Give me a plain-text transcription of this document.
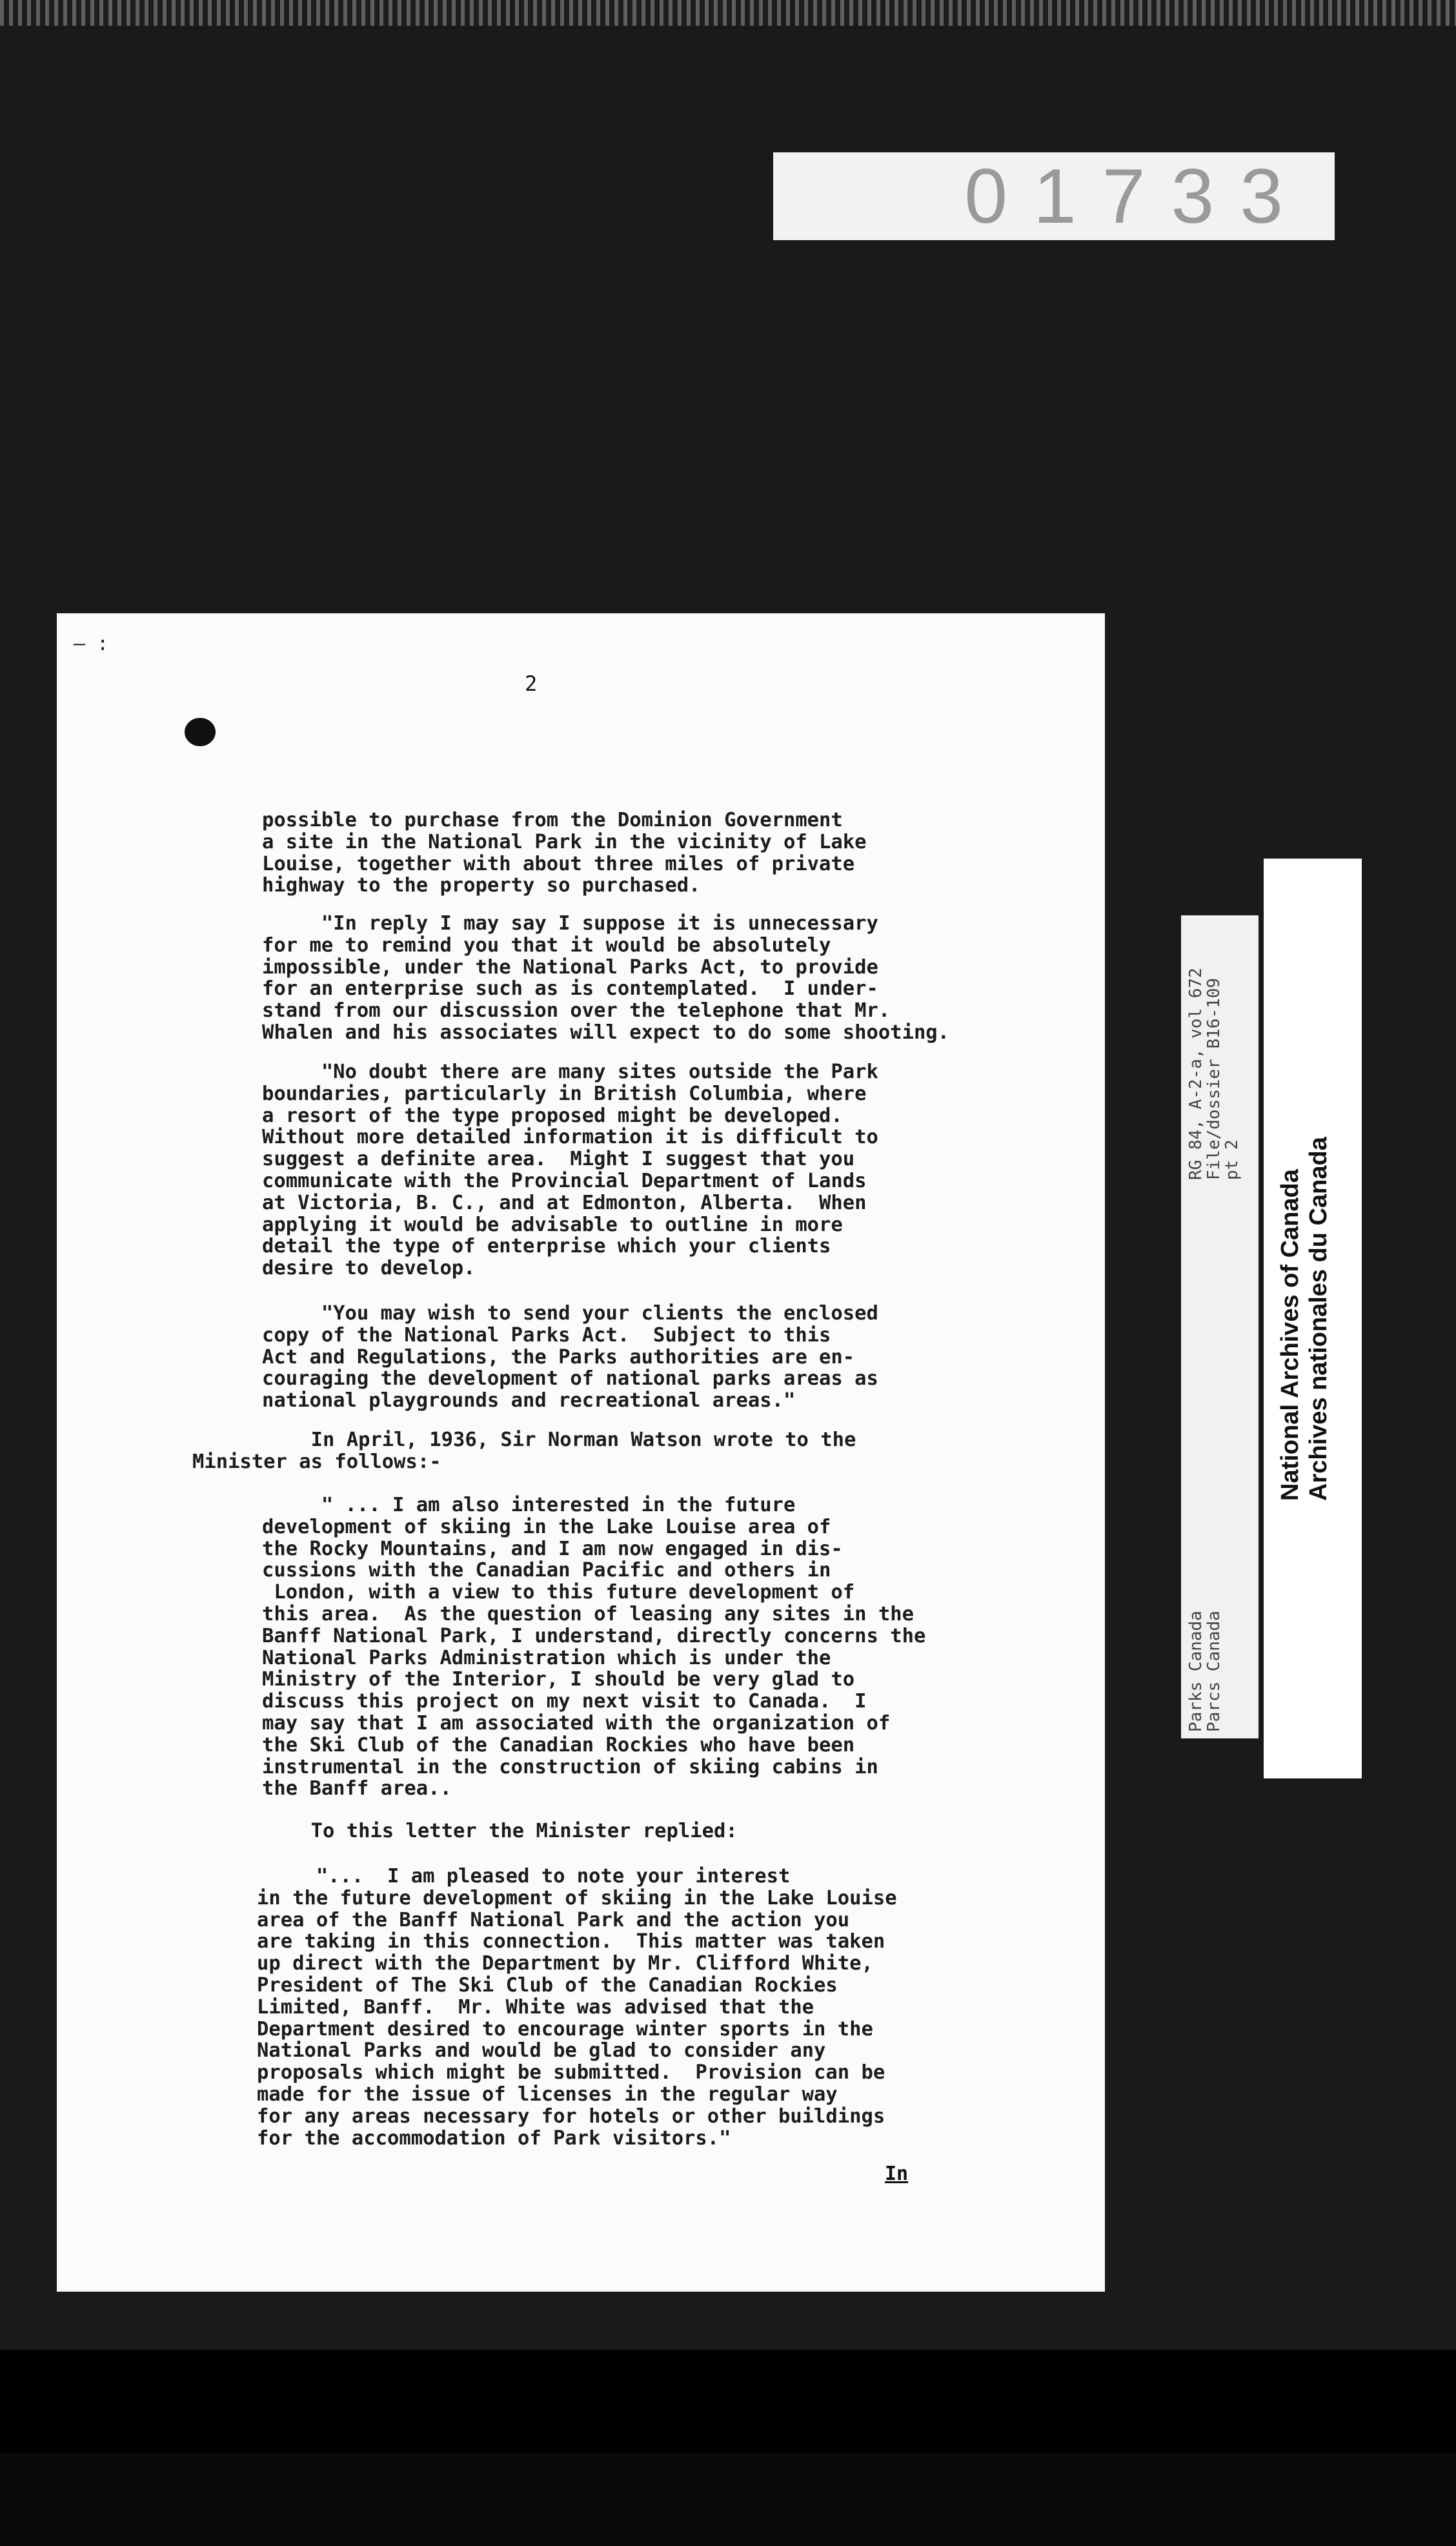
01733
– :
2
possible to purchase from the Dominion Government
a site in the National Park in the vicinity of Lake
Louise, together with about three miles of private
highway to the property so purchased.
"In reply I may say I suppose it is unnecessary
for me to remind you that it would be absolutely
impossible, under the National Parks Act, to provide
for an enterprise such as is contemplated.  I under-
stand from our discussion over the telephone that Mr.
Whalen and his associates will expect to do some shooting.
"No doubt there are many sites outside the Park
boundaries, particularly in British Columbia, where
a resort of the type proposed might be developed.
Without more detailed information it is difficult to
suggest a definite area.  Might I suggest that you
communicate with the Provincial Department of Lands
at Victoria, B. C., and at Edmonton, Alberta.  When
applying it would be advisable to outline in more
detail the type of enterprise which your clients
desire to develop.
"You may wish to send your clients the enclosed
copy of the National Parks Act.  Subject to this
Act and Regulations, the Parks authorities are en-
couraging the development of national parks areas as
national playgrounds and recreational areas."
In April, 1936, Sir Norman Watson wrote to the
Minister as follows:-
" ... I am also interested in the future
development of skiing in the Lake Louise area of
the Rocky Mountains, and I am now engaged in dis-
cussions with the Canadian Pacific and others in
London, with a view to this future development of
this area.  As the question of leasing any sites in the
Banff National Park, I understand, directly concerns the
National Parks Administration which is under the
Ministry of the Interior, I should be very glad to
discuss this project on my next visit to Canada.  I
may say that I am associated with the organization of
the Ski Club of the Canadian Rockies who have been
instrumental in the construction of skiing cabins in
the Banff area..
To this letter the Minister replied:
"...  I am pleased to note your interest
in the future development of skiing in the Lake Louise
area of the Banff National Park and the action you
are taking in this connection.  This matter was taken
up direct with the Department by Mr. Clifford White,
President of The Ski Club of the Canadian Rockies
Limited, Banff.  Mr. White was advised that the
Department desired to encourage winter sports in the
National Parks and would be glad to consider any
proposals which might be submitted.  Provision can be
made for the issue of licenses in the regular way
for any areas necessary for hotels or other buildings
for the accommodation of Park visitors."
In
Parks Canada
Parcs Canada
RG 84, A-2-a, vol 672
File/dossier B16-109
pt 2
National Archives of Canada Archives nationales du Canada
